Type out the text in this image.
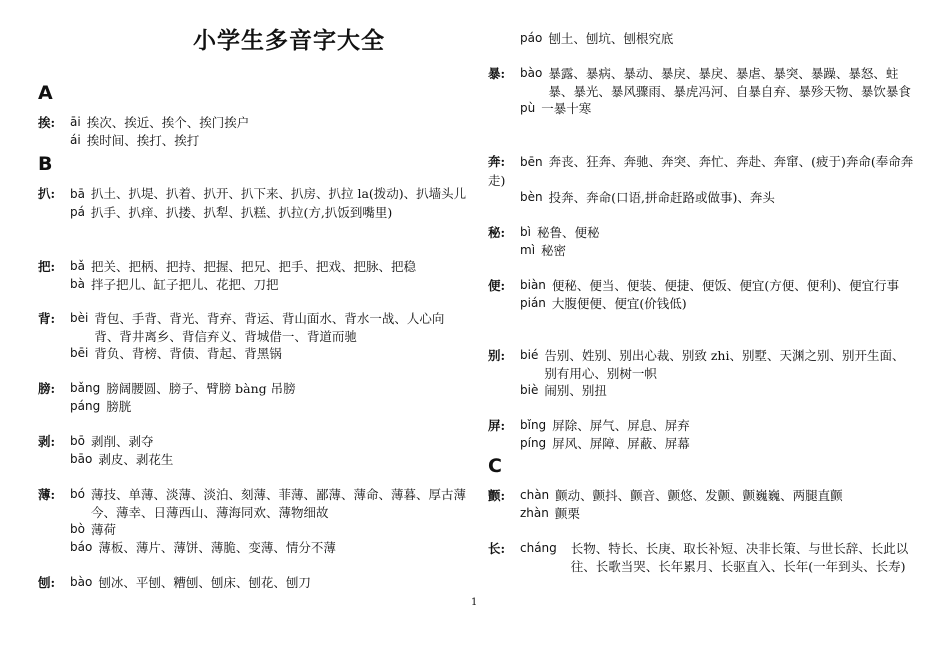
小学生多音字大全
A
挨:	āi 挨次、挨近、挨个、挨门挨户
ái 挨时间、挨打、挨打
B
扒: bā 扒土、扒堤、扒着、扒开、扒下来、扒房、扒拉 la(拨动)、扒墙头儿
pá 扒手、扒痒、扒搂、扒犁、扒糕、扒拉(方,扒饭到嘴里)
把:	bǎ 把关、把柄、把持、把握、把兄、把手、把戏、把脉、把稳
bà 拌子把儿、缸子把儿、花把、刀把
背:	bèi 背包、手背、背光、背弃、背运、背山面水、背水一战、人心向背、背井离乡、背信弃义、背城借一、背道而驰
bēi 背负、背榜、背债、背起、背黑锅
膀:	bǎng 膀阔腰圆、膀子、臂膀 bàng 吊膀
páng 膀胱
剥:	bō 剥削、剥夺
bāo 剥皮、剥花生
薄:	bó 薄技、单薄、淡薄、淡泊、刻薄、菲薄、鄙薄、薄命、薄暮、厚古薄今、薄幸、日薄西山、薄海同欢、薄物细故
bò 薄荷
báo 薄板、薄片、薄饼、薄脆、变薄、情分不薄
刨:	bào 刨冰、平刨、糟刨、刨床、刨花、刨刀
páo 刨土、刨坑、刨根究底
暴:	bào 暴露、暴病、暴动、暴戾、暴戾、暴虐、暴突、暴躁、暴怒、蛀暴、暴光、暴风骤雨、暴虎冯河、自暴自弃、暴殄天物、暴饮暴食
pù 一暴十寒
奔: bēn 奔丧、狂奔、奔驰、奔突、奔忙、奔赴、奔窜、(疲于)奔命(奉命奔走)
bèn 投奔、奔命(口语,拼命赶路或做事)、奔头
秘:	bì 秘鲁、便秘
mì 秘密
便:	biàn 便秘、便当、便装、便捷、便饭、便宜(方便、便利)、便宜行事
pián 大腹便便、便宜(价钱低)
别:	bié 告别、姓别、别出心裁、别致 zhi、别墅、天渊之别、别开生面、别有用心、别树一帜
biè 闹别、别扭
屏:	bǐng 屏除、屏气、屏息、屏弃
píng 屏风、屏障、屏蔽、屏幕
C
颤:	chàn 颤动、颤抖、颤音、颤悠、发颤、颤巍巍、两腿直颤
zhàn 颤栗
长:	cháng	长物、特长、长庚、取长补短、决非长策、与世长辞、长此以往、长歌当哭、长年累月、长驱直入、长年(一年到头、长寿)
1
